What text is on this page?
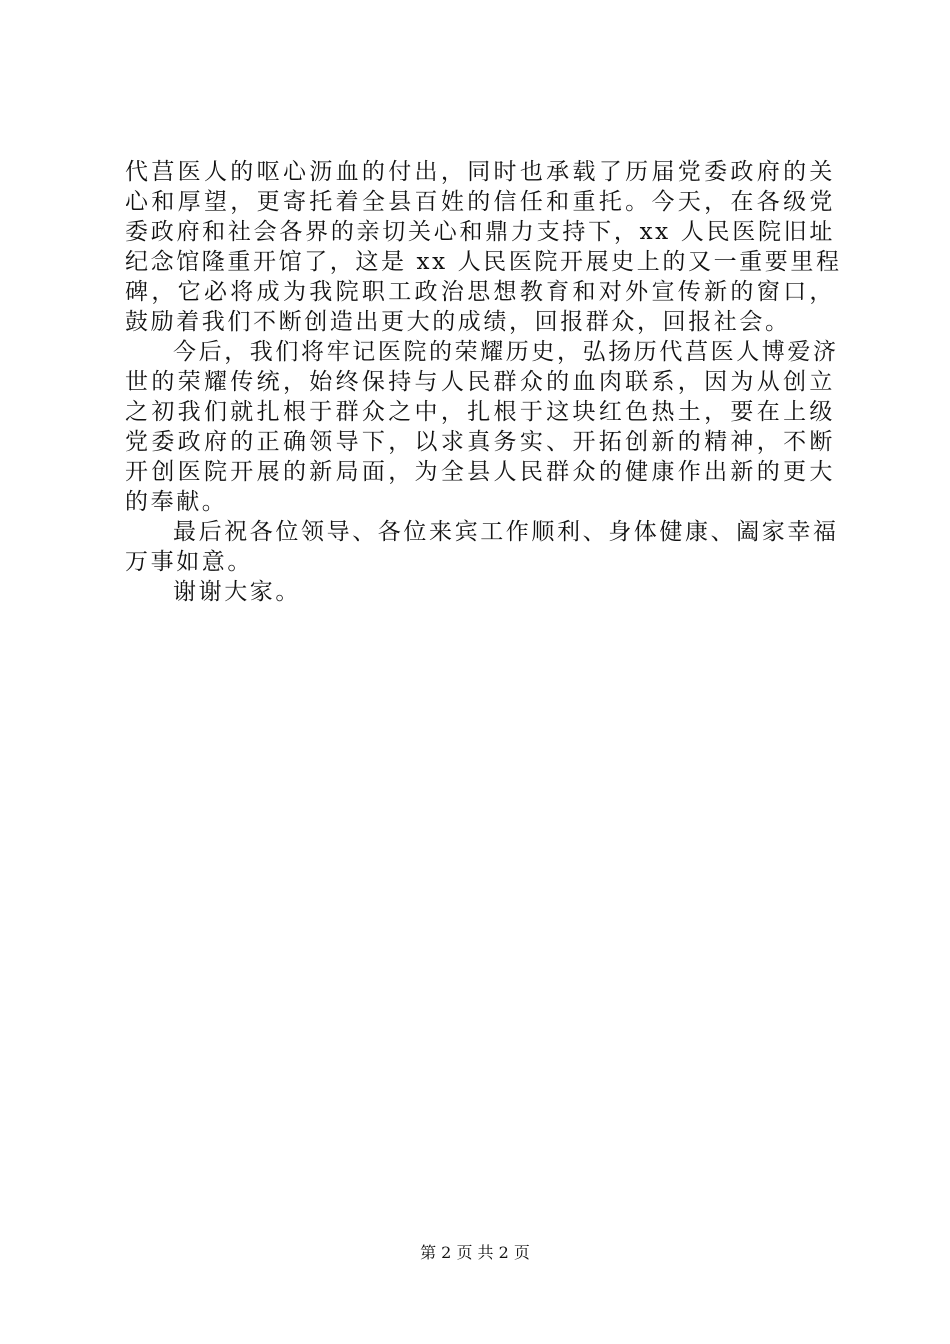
代莒医人的呕心沥血的付出，同时也承载了历届党委政府的关
心和厚望，更寄托着全县百姓的信任和重托。今天，在各级党
委政府和社会各界的亲切关心和鼎力支持下，xx 人民医院旧址
纪念馆隆重开馆了，这是 xx 人民医院开展史上的又一重要里程
碑，它必将成为我院职工政治思想教育和对外宣传新的窗口，
鼓励着我们不断创造出更大的成绩，回报群众，回报社会。
今后，我们将牢记医院的荣耀历史，弘扬历代莒医人博爱济
世的荣耀传统，始终保持与人民群众的血肉联系，因为从创立
之初我们就扎根于群众之中，扎根于这块红色热土，要在上级
党委政府的正确领导下，以求真务实、开拓创新的精神，不断
开创医院开展的新局面，为全县人民群众的健康作出新的更大
的奉献。
最后祝各位领导、各位来宾工作顺利、身体健康、阖家幸福
万事如意。
谢谢大家。
第 2 页 共 2 页
